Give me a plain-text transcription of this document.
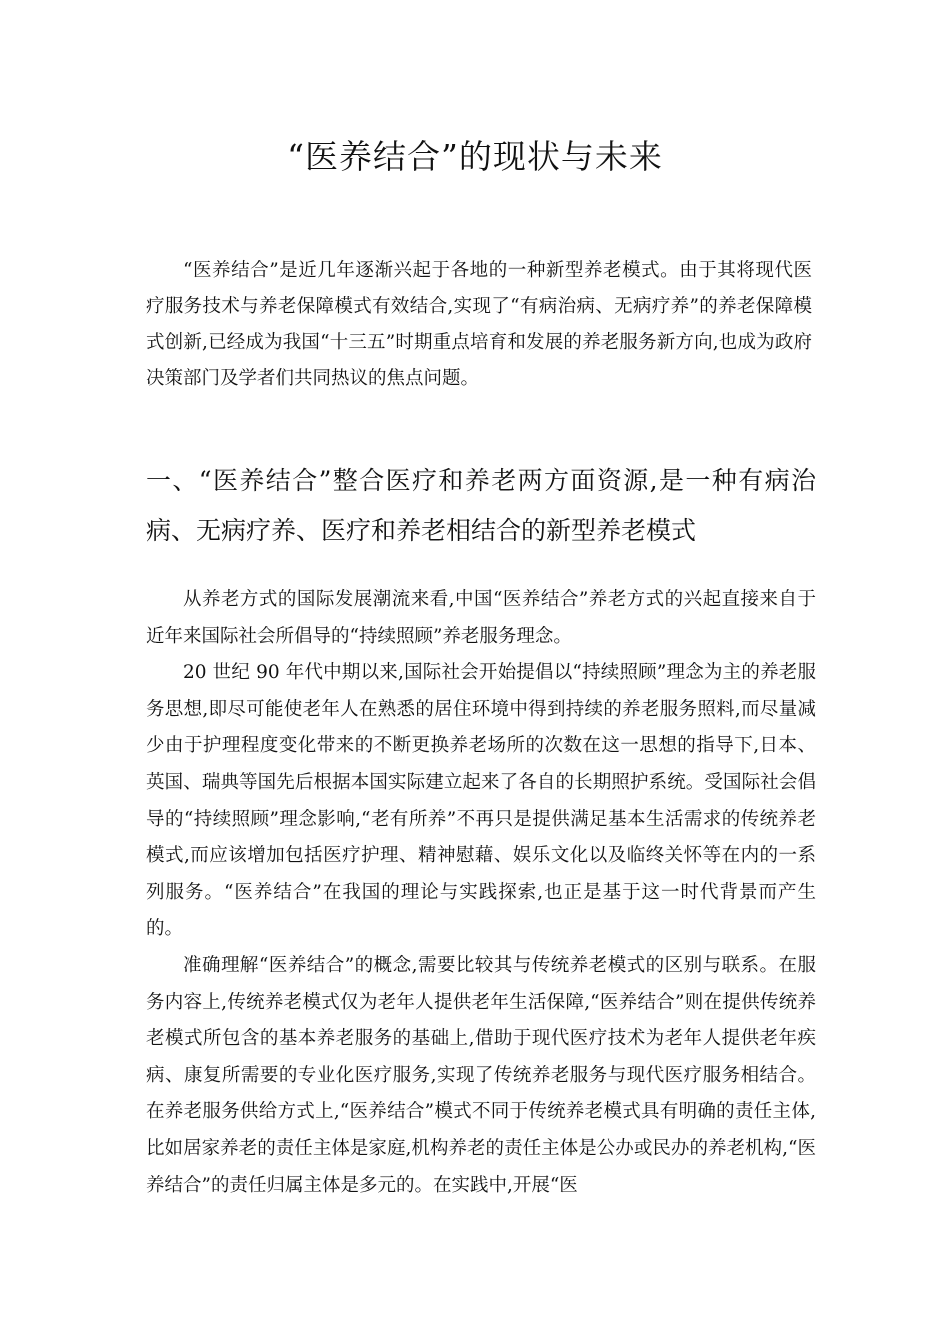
“医养结合”的现状与未来

“医养结合”是近几年逐渐兴起于各地的一种新型养老模式。由于其将现代医疗服务技术与养老保障模式有效结合,实现了“有病治病、无病疗养”的养老保障模式创新,已经成为我国“十三五”时期重点培育和发展的养老服务新方向,也成为政府决策部门及学者们共同热议的焦点问题。

一、“医养结合”整合医疗和养老两方面资源,是一种有病治病、无病疗养、医疗和养老相结合的新型养老模式

从养老方式的国际发展潮流来看,中国“医养结合”养老方式的兴起直接来自于近年来国际社会所倡导的“持续照顾”养老服务理念。

20 世纪 90 年代中期以来,国际社会开始提倡以“持续照顾”理念为主的养老服务思想,即尽可能使老年人在熟悉的居住环境中得到持续的养老服务照料,而尽量减少由于护理程度变化带来的不断更换养老场所的次数在这一思想的指导下,日本、英国、瑞典等国先后根据本国实际建立起来了各自的长期照护系统。受国际社会倡导的“持续照顾”理念影响,“老有所养”不再只是提供满足基本生活需求的传统养老模式,而应该增加包括医疗护理、精神慰藉、娱乐文化以及临终关怀等在内的一系列服务。“医养结合”在我国的理论与实践探索,也正是基于这一时代背景而产生的。

准确理解“医养结合”的概念,需要比较其与传统养老模式的区别与联系。在服务内容上,传统养老模式仅为老年人提供老年生活保障,“医养结合”则在提供传统养老模式所包含的基本养老服务的基础上,借助于现代医疗技术为老年人提供老年疾病、康复所需要的专业化医疗服务,实现了传统养老服务与现代医疗服务相结合。在养老服务供给方式上,“医养结合”模式不同于传统养老模式具有明确的责任主体,比如居家养老的责任主体是家庭,机构养老的责任主体是公办或民办的养老机构,“医养结合”的责任归属主体是多元的。在实践中,开展“医
